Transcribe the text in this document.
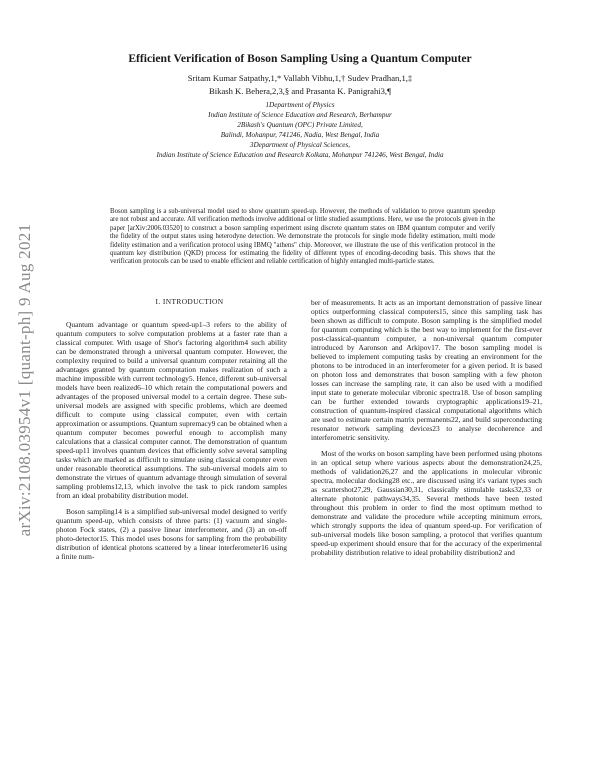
arXiv:2108.03954v1 [quant-ph] 9 Aug 2021
Efficient Verification of Boson Sampling Using a Quantum Computer
Sritam Kumar Satpathy,1,* Vallabh Vibhu,1,† Sudev Pradhan,1,‡
Bikash K. Behera,2,3,§ and Prasanta K. Panigrahi3,¶
1Department of Physics
Indian Institute of Science Education and Research, Berhampur
2Bikash's Quantum (OPC) Private Limited,
Balindi, Mohanpur, 741246, Nadia, West Bengal, India
3Department of Physical Sciences,
Indian Institute of Science Education and Research Kolkata, Mohanpur 741246, West Bengal, India
Boson sampling is a sub-universal model used to show quantum speed-up. However, the methods of validation to prove quantum speedup are not robust and accurate. All verification methods involve additional or little studied assumptions. Here, we use the protocols given in the paper [arXiv:2006.03520] to construct a boson sampling experiment using discrete quantum states on IBM quantum computer and verify the fidelity of the output states using heterodyne detection. We demonstrate the protocols for single mode fidelity estimation, multi mode fidelity estimation and a verification protocol using IBMQ "athens" chip. Moreover, we illustrate the use of this verification protocol in the quantum key distribution (QKD) process for estimating the fidelity of different types of encoding-decoding basis. This shows that the verification protocols can be used to enable efficient and reliable certification of highly entangled multi-particle states.
I. INTRODUCTION

Quantum advantage or quantum speed-up1–3 refers to the ability of quantum computers to solve computation problems at a faster rate than a classical computer. With usage of Shor's factoring algorithm4 such ability can be demonstrated through a universal quantum computer. However, the complexity required to build a universal quantum computer retaining all the advantages granted by quantum computation makes realization of such a machine impossible with current technology5. Hence, different sub-universal models have been realized6–10 which retain the computational powers and advantages of the proposed universal model to a certain degree. These sub-universal models are assigned with specific problems, which are deemed difficult to compute using classical computer, even with certain approximation or assumptions. Quantum supremacy9 can be obtained when a quantum computer becomes powerful enough to accomplish many calculations that a classical computer cannot. The demonstration of quantum speed-up11 involves quantum devices that efficiently solve several sampling tasks which are marked as difficult to simulate using classical computer even under reasonable theoretical assumptions. The sub-universal models aim to demonstrate the virtues of quantum advantage through simulation of several sampling problems12,13, which involve the task to pick random samples from an ideal probability distribution model.

Boson sampling14 is a simplified sub-universal model designed to verify quantum speed-up, which consists of three parts: (1) vacuum and single-photon Fock states, (2) a passive linear interferometer, and (3) an on-off photo-detector15. This model uses bosons for sampling from the probability distribution of identical photons scattered by a linear interferometer16 using a finite num-

ber of measurements. It acts as an important demonstration of passive linear optics outperforming classical computers15, since this sampling task has been shown as difficult to compute. Boson sampling is the simplified model for quantum computing which is the best way to implement for the first-ever post-classical-quantum computer, a non-universal quantum computer introduced by Aaronson and Arkipov17. The boson sampling model is believed to implement computing tasks by creating an environment for the photons to be introduced in an interferometer for a given period. It is based on photon loss and demonstrates that boson sampling with a few photon losses can increase the sampling rate, it can also be used with a modified input state to generate molecular vibronic spectra18. Use of boson sampling can be further extended towards cryptographic applications19–21, construction of quantum-inspired classical computational algorithms which are used to estimate certain matrix permanents22, and build superconducting resonator network sampling devices23 to analyse decoherence and interferometric sensitivity.

Most of the works on boson sampling have been performed using photons in an optical setup where various aspects about the demonstration24,25, methods of validation26,27 and the applications in molecular vibronic spectra, molecular docking28 etc., are discussed using it's variant types such as scattershot27,29, Gaussian30,31, classically stimulable tasks32,33 or alternate photonic pathways34,35. Several methods have been tested throughout this problem in order to find the most optimum method to demonstrate and validate the procedure while accepting minimum errors, which strongly supports the idea of quantum speed-up. For verification of sub-universal models like boson sampling, a protocol that verifies quantum speed-up experiment should ensure that for the accuracy of the experimental probability distribution relative to ideal probability distribution2 and
